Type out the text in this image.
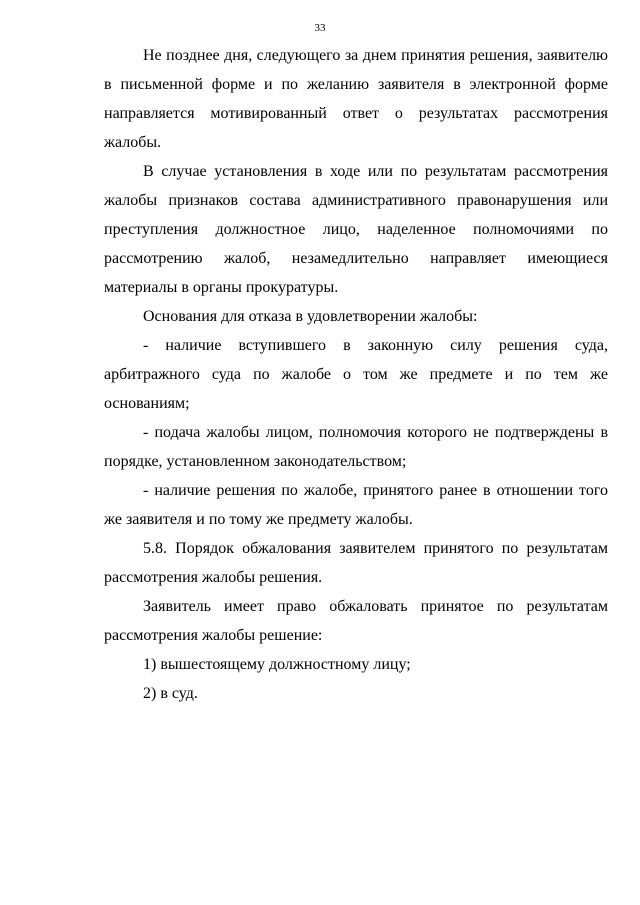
33

Не позднее дня, следующего за днем принятия решения, заявителю в письменной форме и по желанию заявителя в электронной форме направляется мотивированный ответ о результатах рассмотрения жалобы.

В случае установления в ходе или по результатам рассмотрения жалобы признаков состава административного правонарушения или преступления должностное лицо, наделенное полномочиями по рассмотрению жалоб, незамедлительно направляет имеющиеся материалы в органы прокуратуры.

Основания для отказа в удовлетворении жалобы:

- наличие вступившего в законную силу решения суда, арбитражного суда по жалобе о том же предмете и по тем же основаниям;

- подача жалобы лицом, полномочия которого не подтверждены в порядке, установленном законодательством;

- наличие решения по жалобе, принятого ранее в отношении того же заявителя и по тому же предмету жалобы.

5.8. Порядок обжалования заявителем принятого по результатам рассмотрения жалобы решения.

Заявитель имеет право обжаловать принятое по результатам рассмотрения жалобы решение:

1) вышестоящему должностному лицу;

2) в суд.
